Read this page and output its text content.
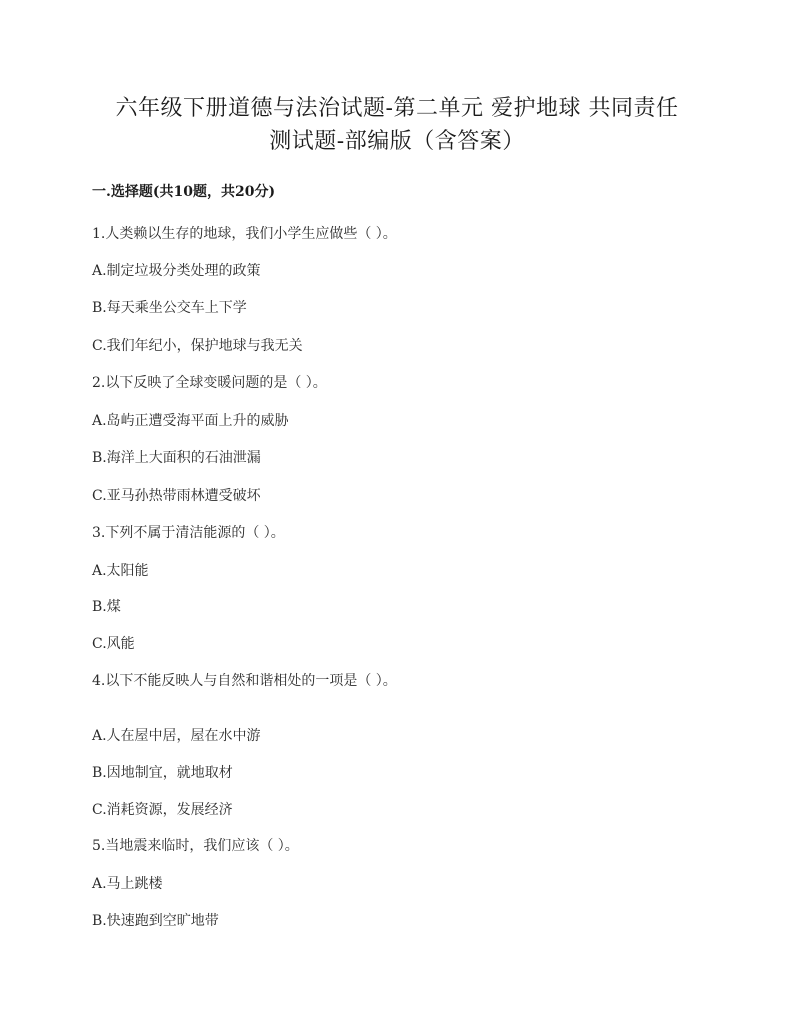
六年级下册道德与法治试题-第二单元 爱护地球 共同责任
测试题-部编版（含答案）
一.选择题(共10题，共20分)
1.人类赖以生存的地球，我们小学生应做些（ ）。
A.制定垃圾分类处理的政策
B.每天乘坐公交车上下学
C.我们年纪小，保护地球与我无关
2.以下反映了全球变暖问题的是（ ）。
A.岛屿正遭受海平面上升的威胁
B.海洋上大面积的石油泄漏
C.亚马孙热带雨林遭受破坏
3.下列不属于清洁能源的（ ）。
A.太阳能
B.煤
C.风能
4.以下不能反映人与自然和谐相处的一项是（ ）。
A.人在屋中居，屋在水中游
B.因地制宜，就地取材
C.消耗资源，发展经济
5.当地震来临时，我们应该（ ）。
A.马上跳楼
B.快速跑到空旷地带
